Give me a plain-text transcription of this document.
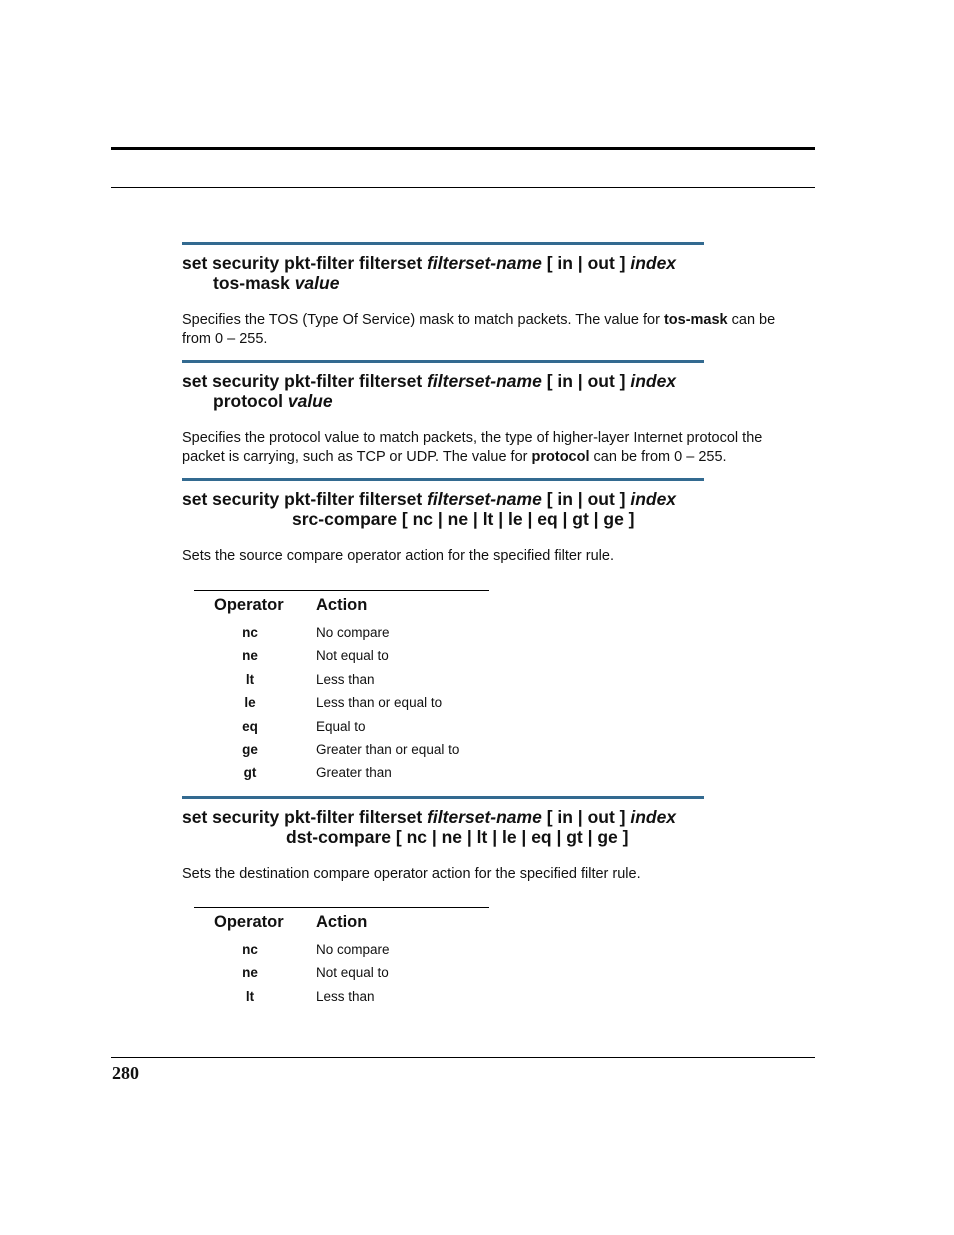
set security pkt-filter filterset filterset-name [ in | out ] index
tos-mask value
Specifies the TOS (Type Of Service) mask to match packets. The value for tos-mask can be from 0 – 255.
set security pkt-filter filterset filterset-name [ in | out ] index
protocol value
Specifies the protocol value to match packets, the type of higher-layer Internet protocol the packet is carrying, such as TCP or UDP. The value for protocol can be from 0 – 255.
set security pkt-filter filterset filterset-name [ in | out ] index
src-compare [ nc | ne | lt | le | eq | gt | ge ]
Sets the source compare operator action for the specified filter rule.
Operator Action
nc	No compare
ne	Not equal to
lt	Less than
le	Less than or equal to
eq	Equal to
ge	Greater than or equal to
gt	Greater than
set security pkt-filter filterset filterset-name [ in | out ] index
dst-compare [ nc | ne | lt | le | eq | gt | ge ]
Sets the destination compare operator action for the specified filter rule.
Operator Action
nc	No compare
ne	Not equal to
lt	Less than
280
